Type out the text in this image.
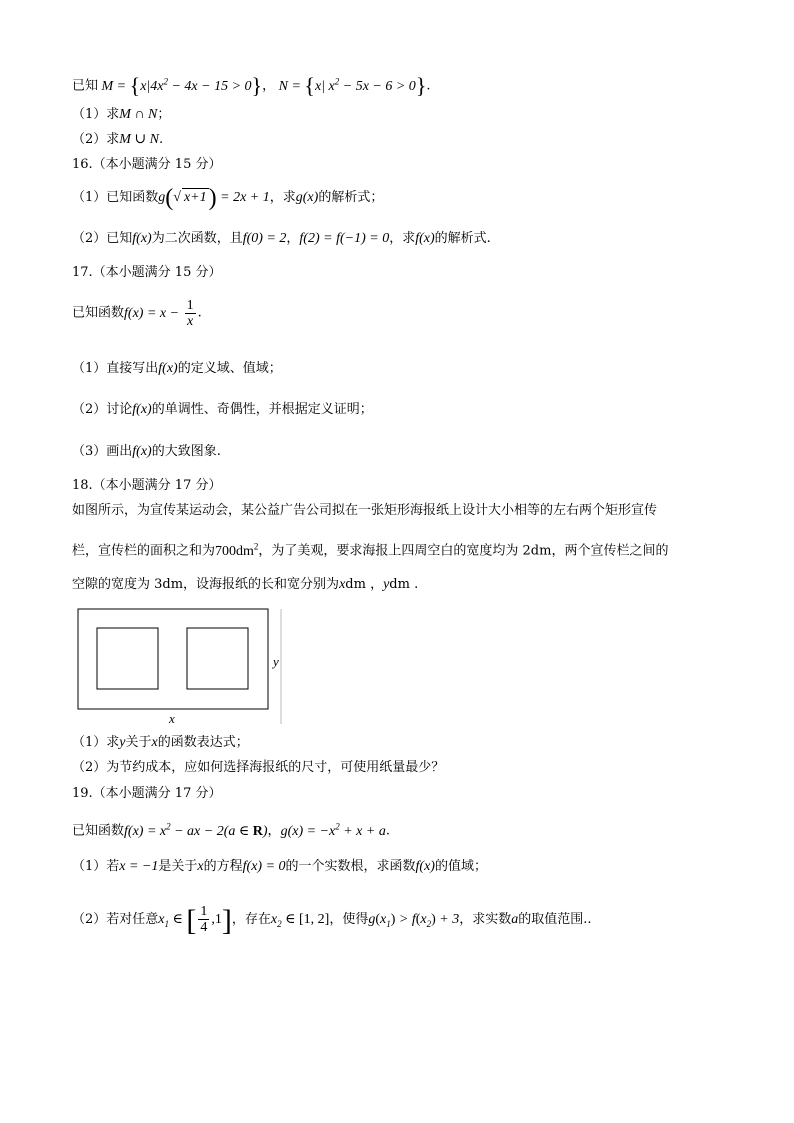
已知 $M = \{x|4x^2 - 4x - 15 > 0\}$， N = {x| $x^2 - 5x - 6 > 0$}.
（1）求M ∩ N；
（2）求M ∪ N.
16.（本小题满分 15 分）
（1）已知函数g(√ x+1) = 2x + 1，求g(x)的解析式；
（2）已知f(x)为二次函数，且f(0) = 2，f(2) = f(−1) = 0，求f(x)的解析式.
17.（本小题满分 15 分）
已知函数$f(x) = x - \frac{1}{x}$ .
（1）直接写出f(x)的定义域、值域；
（2）讨论f(x)的单调性、奇偶性，并根据定义证明；
（3）画出f(x)的大致图象.
18.（本小题满分 17 分）
如图所示，为宣传某运动会，某公益广告公司拟在一张矩形海报纸上设计大小相等的左右两个矩形宣传
栏，宣传栏的面积之和为$700dm^2$，为了美观，要求海报上四周空白的宽度均为 2dm，两个宣传栏之间的
空隙的宽度为 3dm，设海报纸的长和宽分别为xdm ，ydm .
y
x
（1）求y关于x的函数表达式；
（2）为节约成本，应如何选择海报纸的尺寸，可使用纸量最少？
19.（本小题满分 17 分）
已知函数$f(x) = x^2$ − ax − 2(a ∈ R)，$g(x) = -x^2 + x + a$.
（1）若x = −1是关于x的方程f(x) = 0的一个实数根，求函数f(x)的值域；
（2）若对任意$x_1$ ∈ [ $\frac{1}{4} ,1$]，存在$x_2$ ∈ [1, 2]，使得$g(x_1) > f(x_2) + 3$，求实数a的取值范围..
